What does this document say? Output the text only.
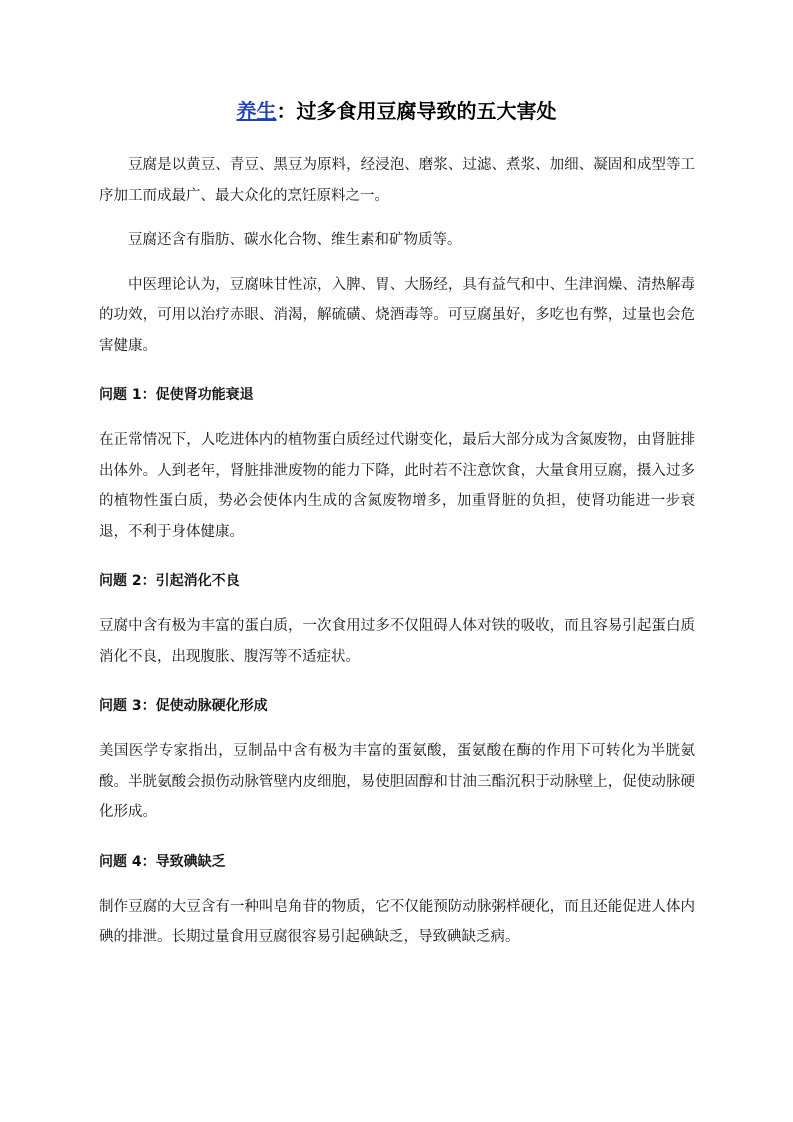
养生：过多食用豆腐导致的五大害处

豆腐是以黄豆、青豆、黑豆为原料，经浸泡、磨浆、过滤、煮浆、加细、凝固和成型等工序加工而成最广、最大众化的烹饪原料之一。

豆腐还含有脂肪、碳水化合物、维生素和矿物质等。

中医理论认为，豆腐味甘性凉，入脾、胃、大肠经，具有益气和中、生津润燥、清热解毒的功效，可用以治疗赤眼、消渴，解硫磺、烧酒毒等。可豆腐虽好，多吃也有弊，过量也会危害健康。

问题 1：促使肾功能衰退

在正常情况下，人吃进体内的植物蛋白质经过代谢变化，最后大部分成为含氮废物，由肾脏排出体外。人到老年，肾脏排泄废物的能力下降，此时若不注意饮食，大量食用豆腐，摄入过多的植物性蛋白质，势必会使体内生成的含氮废物增多，加重肾脏的负担，使肾功能进一步衰退，不利于身体健康。

问题 2：引起消化不良

豆腐中含有极为丰富的蛋白质，一次食用过多不仅阻碍人体对铁的吸收，而且容易引起蛋白质消化不良，出现腹胀、腹泻等不适症状。

问题 3：促使动脉硬化形成

美国医学专家指出，豆制品中含有极为丰富的蛋氨酸，蛋氨酸在酶的作用下可转化为半胱氨酸。半胱氨酸会损伤动脉管壁内皮细胞，易使胆固醇和甘油三酯沉积于动脉壁上，促使动脉硬化形成。

问题 4：导致碘缺乏

制作豆腐的大豆含有一种叫皂角苷的物质，它不仅能预防动脉粥样硬化，而且还能促进人体内碘的排泄。长期过量食用豆腐很容易引起碘缺乏，导致碘缺乏病。
